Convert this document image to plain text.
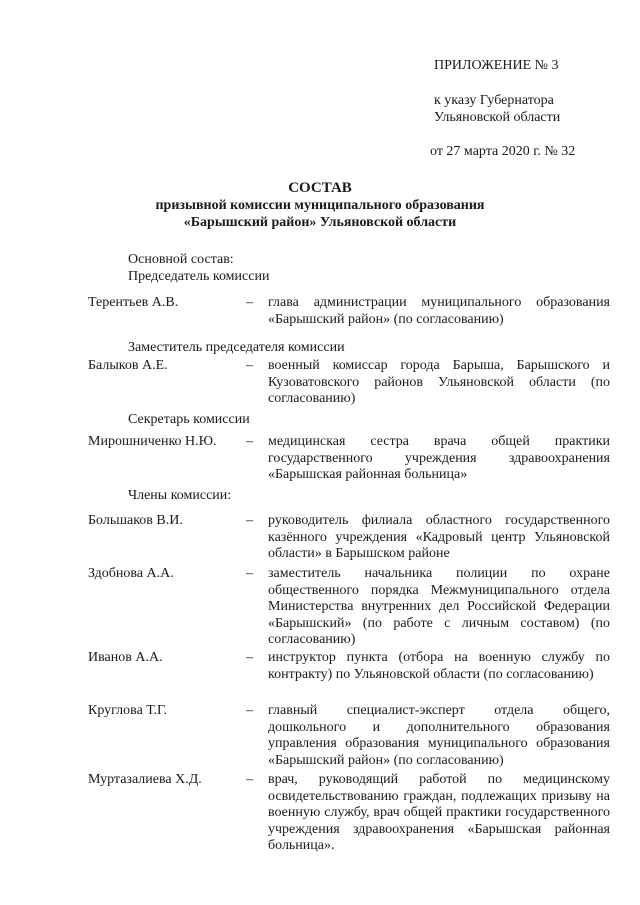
ПРИЛОЖЕНИЕ № 3
к указу Губернатора
Ульяновской области
от 27 марта 2020 г. № 32
СОСТАВ
призывной комиссии муниципального образования
«Барышский район» Ульяновской области
Основной состав:
Председатель комиссии
Терентьев А.В.	– глава администрации муниципального образования «Барышский район» (по согласованию)
Заместитель председателя комиссии
Балыков А.Е.	– военный комиссар города Барыша, Барышского и Кузоватовского районов Ульяновской области (по согласованию)
Секретарь комиссии
Мирошниченко Н.Ю. – медицинская сестра врача общей практики государственного учреждения здравоохранения «Барышская районная больница»
Члены комиссии:
Большаков В.И.	– руководитель филиала областного государственного казённого учреждения «Кадровый центр Ульяновской области» в Барышском районе
Здобнова А.А.	– заместитель начальника полиции по охране общественного порядка Межмуниципального отдела Министерства внутренних дел Российской Федерации «Барышский» (по работе с личным составом) (по согласованию)
Иванов А.А.	– инструктор пункта (отбора на военную службу по контракту) по Ульяновской области (по согласованию)
Круглова Т.Г.	– главный специалист-эксперт отдела общего, дошкольного и дополнительного образования управления образования муниципального образования «Барышский район» (по согласованию)
Муртазалиева Х.Д.	– врач, руководящий работой по медицинскому освидетельствованию граждан, подлежащих призыву на военную службу, врач общей практики государственного учреждения здравоохранения «Барышская районная больница».
